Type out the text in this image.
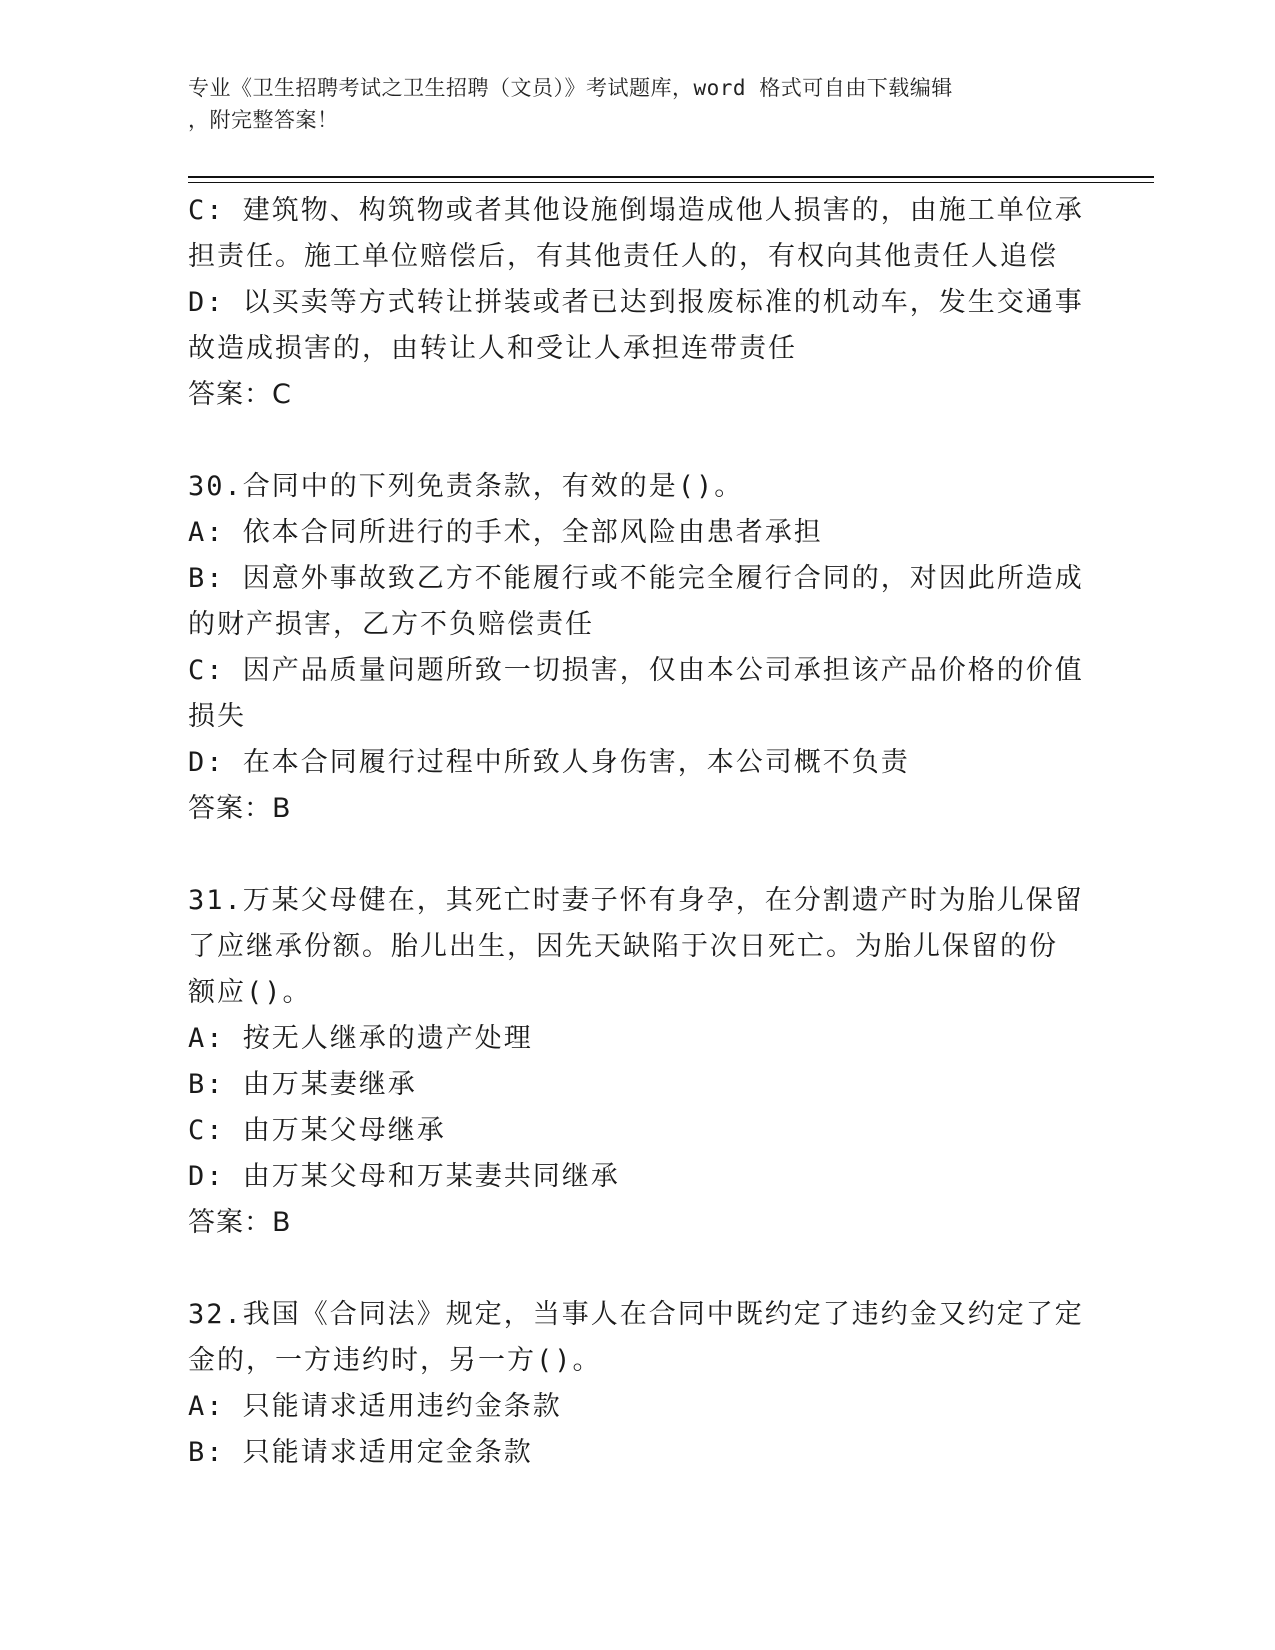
专业《卫生招聘考试之卫生招聘（文员）》考试题库，word 格式可自由下载编辑
，附完整答案！

C: 建筑物、构筑物或者其他设施倒塌造成他人损害的，由施工单位承

担责任。施工单位赔偿后，有其他责任人的，有权向其他责任人追偿

D: 以买卖等方式转让拼装或者已达到报废标准的机动车，发生交通事

故造成损害的，由转让人和受让人承担连带责任

答案：C

30.合同中的下列免责条款，有效的是()。

A: 依本合同所进行的手术，全部风险由患者承担

B: 因意外事故致乙方不能履行或不能完全履行合同的，对因此所造成

的财产损害，乙方不负赔偿责任

C: 因产品质量问题所致一切损害，仅由本公司承担该产品价格的价值

损失

D: 在本合同履行过程中所致人身伤害，本公司概不负责

答案：B

31.万某父母健在，其死亡时妻子怀有身孕，在分割遗产时为胎儿保留

了应继承份额。胎儿出生，因先天缺陷于次日死亡。为胎儿保留的份

额应()。

A: 按无人继承的遗产处理

B: 由万某妻继承

C: 由万某父母继承

D: 由万某父母和万某妻共同继承

答案：B

32.我国《合同法》规定，当事人在合同中既约定了违约金又约定了定

金的，一方违约时，另一方()。

A: 只能请求适用违约金条款

B: 只能请求适用定金条款
